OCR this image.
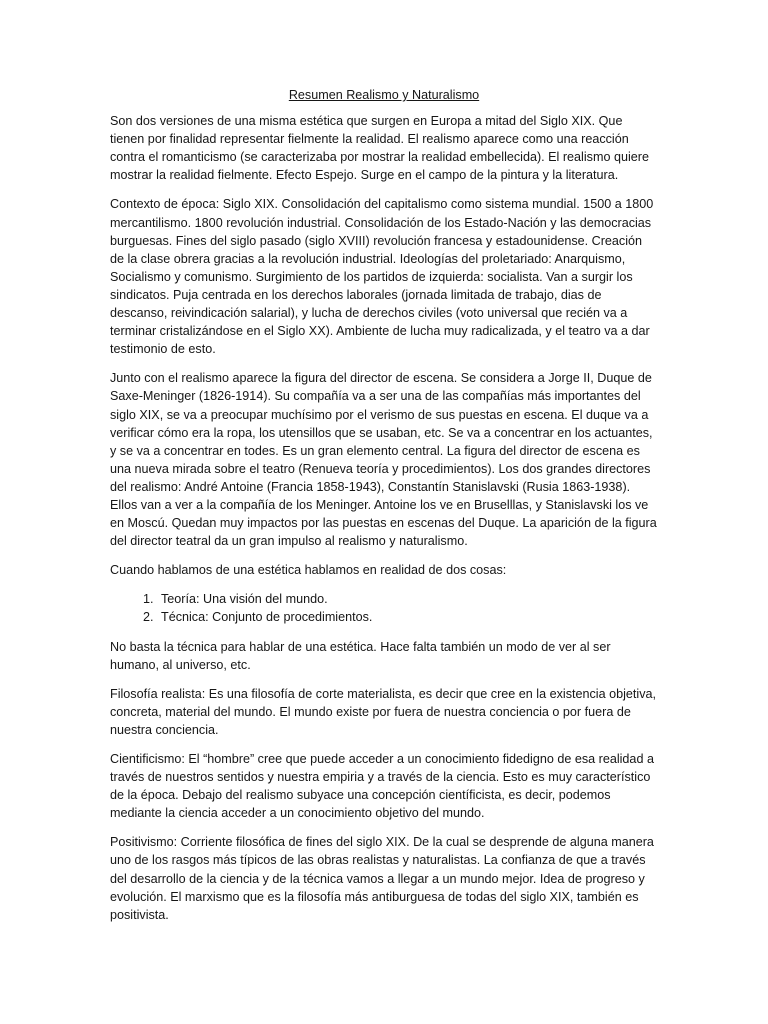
Resumen Realismo y Naturalismo

Son dos versiones de una misma estética que surgen en Europa a mitad del Siglo XIX. Que tienen por finalidad representar fielmente la realidad. El realismo aparece como una reacción contra el romanticismo (se caracterizaba por mostrar la realidad embellecida). El realismo quiere mostrar la realidad fielmente. Efecto Espejo. Surge en el campo de la pintura y la literatura.

Contexto de época: Siglo XIX. Consolidación del capitalismo como sistema mundial. 1500 a 1800 mercantilismo. 1800 revolución industrial. Consolidación de los Estado-Nación y las democracias burguesas. Fines del siglo pasado (siglo XVIII) revolución francesa y estadounidense. Creación de la clase obrera gracias a la revolución industrial. Ideologías del proletariado: Anarquismo, Socialismo y comunismo. Surgimiento de los partidos de izquierda: socialista. Van a surgir los sindicatos. Puja centrada en los derechos laborales (jornada limitada de trabajo, dias de descanso, reivindicación salarial), y lucha de derechos civiles (voto universal que recién va a terminar cristalizándose en el Siglo XX). Ambiente de lucha muy radicalizada, y el teatro va a dar testimonio de esto.

Junto con el realismo aparece la figura del director de escena. Se considera a Jorge II, Duque de Saxe-Meninger (1826-1914). Su compañía va a ser una de las compañías más importantes del siglo XIX, se va a preocupar muchísimo por el verismo de sus puestas en escena. El duque va a verificar cómo era la ropa, los utensillos que se usaban, etc. Se va a concentrar en los actuantes, y se va a concentrar en todes. Es un gran elemento central. La figura del director de escena es una nueva mirada sobre el teatro (Renueva teoría y procedimientos). Los dos grandes directores del realismo: André Antoine (Francia 1858-1943), Constantín Stanislavski (Rusia 1863-1938). Ellos van a ver a la compañía de los Meninger. Antoine los ve en Bruselllas, y Stanislavski los ve en Moscú. Quedan muy impactos por las puestas en escenas del Duque. La aparición de la figura del director teatral da un gran impulso al realismo y naturalismo.

Cuando hablamos de una estética hablamos en realidad de dos cosas:

1. Teoría: Una visión del mundo.
2. Técnica: Conjunto de procedimientos.

No basta la técnica para hablar de una estética. Hace falta también un modo de ver al ser humano, al universo, etc.

Filosofía realista: Es una filosofía de corte materialista, es decir que cree en la existencia objetiva, concreta, material del mundo. El mundo existe por fuera de nuestra conciencia o por fuera de nuestra conciencia.

Cientificismo: El “hombre” cree que puede acceder a un conocimiento fidedigno de esa realidad a través de nuestros sentidos y nuestra empiria y a través de la ciencia. Esto es muy característico de la época. Debajo del realismo subyace una concepción científicista, es decir, podemos mediante la ciencia acceder a un conocimiento objetivo del mundo.

Positivismo: Corriente filosófica de fines del siglo XIX. De la cual se desprende de alguna manera uno de los rasgos más típicos de las obras realistas y naturalistas. La confianza de que a través del desarrollo de la ciencia y de la técnica vamos a llegar a un mundo mejor. Idea de progreso y evolución. El marxismo que es la filosofía más antiburguesa de todas del siglo XIX, también es positivista.
